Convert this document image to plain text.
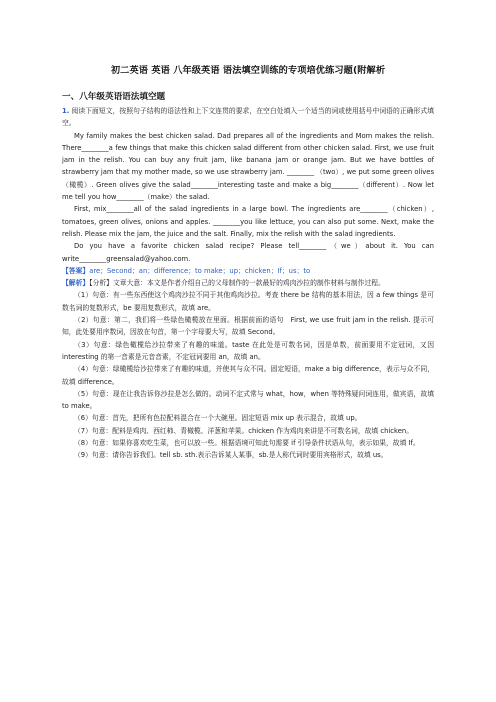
初二英语 英语 八年级英语 语法填空训练的专项培优练习题(附解析
一、八年级英语语法填空题

1. 阅读下面短文，按照句子结构的语法性和上下文连贯的要求，在空白处填入一个适当的词或使用括号中词语的正确形式填空。

My family makes the best chicken salad. Dad prepares all of the ingredients and Mom makes the relish. There________a few things that make this chicken salad different from other chicken salad. First, we use fruit jam in the relish. You can buy any fruit jam, like banana jam or orange jam. But we have bottles of strawberry jam that my mother made, so we use strawberry jam. ________ （two）, we put some green olives（橄榄）. Green olives give the salad________interesting taste and make a big________（different）. Now let me tell you how________（make）the salad.

First, mix________all of the salad ingredients in a large bowl. The ingredients are________（chicken）, tomatoes, green olives, onions and apples. ________you like lettuce, you can also put some. Next, make the relish. Please mix the jam, the juice and the salt. Finally, mix the relish with the salad ingredients.

Do you have a favorite chicken salad recipe? Please tell________（we）about it. You can write________greensalad@yahoo.com.

【答案】are；Second；an；difference；to make；up；chicken；If；us；to

【解析】【分析】文章大意：本文是作者介绍自己的父母制作的一款最好的鸡肉沙拉的制作材料与制作过程。

（1）句意：有一些东西使这个鸡肉沙拉不同于其他鸡肉沙拉。考查 there be 结构的基本用法，因 a few things 是可数名词的复数形式，be 要用复数形式，故填 are。

（2）句意：第二，我们将一些绿色橄榄放在里面。根据前面的语句　First, we use fruit jam in the relish. 提示可知，此处要用序数词，因放在句首，第一个字母要大写，故填 Second。

（3）句意：绿色橄榄给沙拉带来了有趣的味道。taste 在此处是可数名词，因是单数，前面要用不定冠词，又因 interesting 的第一音素是元音音素，不定冠词要用 an，故填 an。

（4）句意：绿橄榄给沙拉带来了有趣的味道，并使其与众不同。固定短语，make a big difference，表示与众不同，故填 difference。

（5）句意：现在让我告诉你沙拉是怎么做的。动词不定式常与 what，how，when 等特殊疑问词连用，做宾语，故填 to make。

（6）句意：首先，把所有色拉配料混合在一个大碗里。固定短语 mix up 表示混合，故填 up。

（7）句意：配料是鸡肉、西红柿、青橄榄、洋葱和苹果。chicken 作为鸡肉来讲是不可数名词，故填 chicken。

（8）句意：如果你喜欢吃生菜，也可以放一些。根据语境可知此句需要 if 引导条件状语从句，表示如果，故填 If。

（9）句意：请你告诉我们。tell sb. sth.表示告诉某人某事，sb.是人称代词时要用宾格形式，故填 us。
